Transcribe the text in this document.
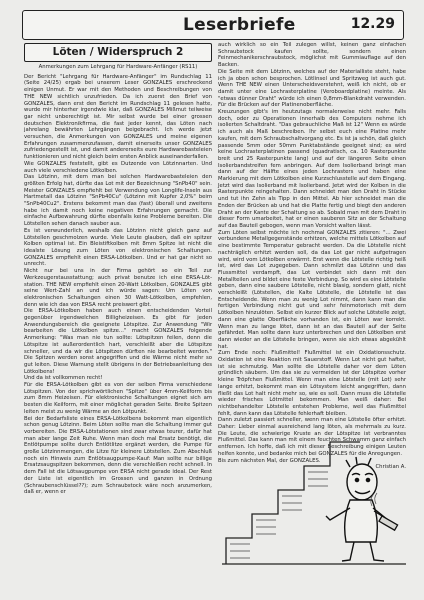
Leserbriefe	12.29
Löten / Widerspruch 2

Anmerkungen zum Lehrgang für Hardware-Anfänger (RS11)

Der Bericht "Lehrgang für Hardware-Anfänger" im Rundschlag 11 (Seite 24/25) ergab bei unserem Leser GONZALES erschreckend einigen Unmut. Er war mit den Methoden und Beschreibungen von THE NEW sichtlich unzufrieden. Da ich zuerst den Brief von GONZALES, dann erst den Bericht im Rundschlag 11 gelesen hatte, wurde mir hinterher irgendwie klar, daß GONZALES Mißmut teilweise gar nicht unberechtigt ist. Mir selbst wurde bei einer grossen deutschen Elektronikfirma, die fast jeder kennt, das Löten nach jahrelang bewährten Lehrgängen beigebracht. Ich werde jetzt versuchen, die Anmerkungen von GONZALES und meine eigenen Erfahrungen zusammenzufassen, damit einerseits unser GONZALES zufriedengestellt ist, und damit andererseits eure Hardwarebasteleien funktionieren und nicht gleich beim ersten Anblick auseinanderfallen.

Wie GONZALES feststellt, gibt es Dutzende von Lötzinnarten. Und auch viele verschiedene Lötkolben.

Das Lötzinn, mit dem man bei solchen Hardwarebasteleien den größten Erfolg hat, dürfte das Lot mit der Bezeichnung "SnPb40" sein. Meister GONZALES empfiehlt bei Verwendung von Longlife-Inseln aus Hartmetall das Lötzinn "SnPb40Cu" (Lötzinn mit Kupfer 2,0%" beim "SnPb40Cu2". Erstens bekommt man das (fast) überall und zweitens habe ich damit noch keine negativen Erfahrungen gemacht. Die einfache Aufbewahrung dürfte ebenfalls keine Probleme bereiten. Die Lötstellen sehen danach sauber aus.

Es ist verwunderlich, weshalb das Lötzinn nicht gleich ganz auf Lötstellen geschmolzen wurde. Viele Leute glauben, daß ein spitzer Kolben optimal ist. Ein Bleistiftkolben mit 8mm Spitze ist nicht die idealste Lösung zum Löten von elektronischen Schaltungen. GONZALES empfiehlt einen ERSA-Lötkolben. Und er hat gar nicht so unrecht.

Nicht nur bei uns in der Firma gehört so ein Teil zur Werkzeugerstausstattung; auch privat benutze ich eine ERSA-Löt- station. THE NEW empfiehlt einen 20-Watt Lötkolben, GONZALES gibt seine Wert-Zahl an und ich würde sagen: Um Löten von elektronischen Schaltungen einen 30 Watt-Lötkolben, empfehlen, denn wie ich das von ERSA recht preiswert gibt.

Die ERSA-Lötkolben haben auch einen entscheidenden Vorteil gegenüber irgendwelchen Billigheizeisen. Es gibt für jeden Anwendungsbereich die geeignete Lötspitze. Zur Anwendung "Wir bearbeiten die Lötkolben spitze..." macht GONZALES folgende Anmerkung: "Was man nie tun sollte: Lötspitzen feilen, denn die Lötspitze ist außerordentlich hart, verschleißt aber die Lötspitze schneller, und da wir die Lötspitzen dürften nie bearbeitet werden." Die Spitzen werden sonst angegriffen und die Wärme nicht mehr so gut leiten. Diese Warnung stellt übrigens in der Betriebsanleitung des Lötkolbens!

Und da ist vollkommen recht!

Für die ERSA-Lötkolben gibt es von der selben Firma verschiedene Lötspitzen. Von der sprichwörtlichen "Spitze" über 4mm-Keilform bis zum 8mm Heizeisen. Für elektronische Schaltungen eignet sich am besten die Keilform, mit einer möglichst geraden Seite. Breite Spitzen leiten meist zu wenig Wärme an den Lötpunkt.

Bei der Bedarfsliste eines ERSA-Lötkolbens bekommt man eigentlich schon genug Lötzinn. Beim Löten sollte man die Schaltung immer gut vorbereiten. Die ERSA-Lötstationen sind zwar etwas teurer, dafür hat man aber lange Zeit Ruhe. Wenn man doch mal Ersatz benötigt, die Entlötpumpe sollte durch Entlötlitze ergänzt werden, die Pumpe für große Lötzinnmengen, die Litze für kleinere Lötstellen. Zum Abschluß noch ein Hinweis zum Entlötsaugpumpe-Kauf: Man sollte nur billige Ersatzsaugspitzen bekommen, denn die verschleißen recht schnell. In dem Fall ist die Lötsaugpumpe von ERSA nicht gerade ideal. Der Rest der Liste ist eigentlich im Grossen und ganzen in Ordnung (Schraubenschlüssel??); zum Schraubstock wäre noch anzumerken, daß er, wenn er

auch wirklich so ein Teil zulegen willst, keinen ganz einfachen Schraubstock kaufen sollte, sondern einen Feinmechanikerschraubstock, möglichst mit Gummiauflage auf den Backen.

Die Seite mit dem Lötzinn, welches auf der Materialliste steht, habe ich ja oben schon besprochen. Lötlinsel und Spritzweg ist auch gut. Wenn THE NEW einen Unterscheidsverstehnt, weiß ich nicht, ob er damit unter eine Lochrasterplatine (Veroboardplatine) meinte. Als "etwas dünner Draht" würde ich einen 0,8mm-Blankdraht verwenden. Für die Brücken auf der Platinenoberfläche.

Kreuzungen gibt's im heutzutags normalerweise nicht mehr. Falls doch, oder zu Operationen innerhalb des Computers nehme ich isolierten Schaltdraht. "Das gebrauchliche Maß ist 12" Wenn es würde ich auch als Maß beschreiben. Ihr selbst euch eine Platine mehr kaufen, mit dem Schraubschaltvorgang etc. Es ist ja schön, daß gleich passende 5mm oder 50mm Punktabstände geeignet sind; es wird keine Lochrasterplatinen passend (quadratisch, ca. 10 Rasterpunkte breit und 25 Rasterpunkte lang) und auf der längeren Seite einen Isolierbandstreifen fem anbringen. Auf dem Isolierband bringt man dann auf der Hälfte eines jeden Lochrasters und haben eine Markierung mit dem Lötkolben eine Kurzschlusstelle auf dem Eingang. Jetzt wird das Isolierband mit Isolierband. Jetzt wird der Kolben in die Rasterpunkte reingehalten. Dann schneidet man den Draht in Stücke und tut ihn Zehn als Tipp in den Mittel. Ab hier schneidet man die Enden der Brücken ab und hat die Platte fertig und biegt den anderen Draht an der Kante der Schaltung so ab. Sobald man mit dem Draht in dieser Form umarbeitet, hat er einen sauberen Sitz an der Schaltung auf das Bauteil gebogen, wenn man Vorsicht walten lässt.

Zum Löten selbst möchte ich nochmal GONZALES zitieren: "... Zwei verbundene Metallgegenstände erhitzen, welche mittels Lötkolben auf eine bestimmte Temperatur gebracht werden. Da die Lötstelle nicht nachträglich erhitzt werden soll, da das Lot gar nicht aufgetragen wird, wird vom Lötkolben erwärmt. Erst wenn die Lötstelle richtig heiß ist, wird das Lot zugegeben. Dann schmilzt das Lötzinn und das Flussmittel verdampft, das Lot verbindet sich dann mit den Metallteilen und bildet eine feste Verbindung. So wird es eine Lötstelle geben, dann eine saubere Lötstelle, nicht blasig, sondern glatt, nicht verschleißt (Lötstellen, die Kalte Lötstelle, die Lötstelle ist das Entscheidende. Wenn man zu wenig Lot nimmt, dann kann man die fertigen Verbindung nicht gut und sehr feinmotorisch mit dem Lötkolben hinzulöten. Selbst ein kurzer Blick auf solche Lötstelle zeigt, dann eine glatte Oberfläche vorhanden ist, ein Löten war korrekt. Wenn man zu lange lötet, dann ist an das Bauteil auf der Seite gefährdet. Man sollte dann kurz unterbrechen und den Lötkolben erst dann wieder an die Lötstelle bringen, wenn sie sich etwas abgekühlt hat.

Zum Ende noch: Flußmittel! Flußmittel ist ein Oxidationsschutz. Oxidation ist eine Reaktion mit Sauerstoff. Wenn Lot nicht gut haftet, ist sie schmutzig. Man sollte die Lötstelle daher vor dem Löten gründlich säubern. Um das sie zu vermeiden ist der Lötspitze vorher kleine Tröpfchen Flußmittel. Wenn man eine Lötstelle (mit Lot) sehr lange erhitzt, bekommt man ein Lötsystem leicht angegriffen, dann fließt das Lot halt nicht mehr so, wie es soll. Dann muss die Lötstelle wieder frisches Lötmittel bekommen. Man weiß daher: Bei nichtbehandelter Lötstelle entstehen Probleme, weil das Flußmittel fehlt, dann kann das Lötstelle fehlerhaft bleiben.

Dann zuletzt passiert schneller, wenn man eine Lötstelle öfter erhitzt. Daher: Lieber einmal ausreichend lang löten, als mehrmals zu kurz. Die Leute, die schwierige Kruste an der Lötspitze ist verbranntes Flußmittel. Das kann man mit einem feuchten Schwamm ganz einfach entfernen. Ich hoffe, daß ich mit dieser Beschreibung einigen Leuten helfen konnte, und bedanke mich bei GONZALES für die Anregungen.

Bis zum nächsten Mal, der GONZALES.

Christian A.
